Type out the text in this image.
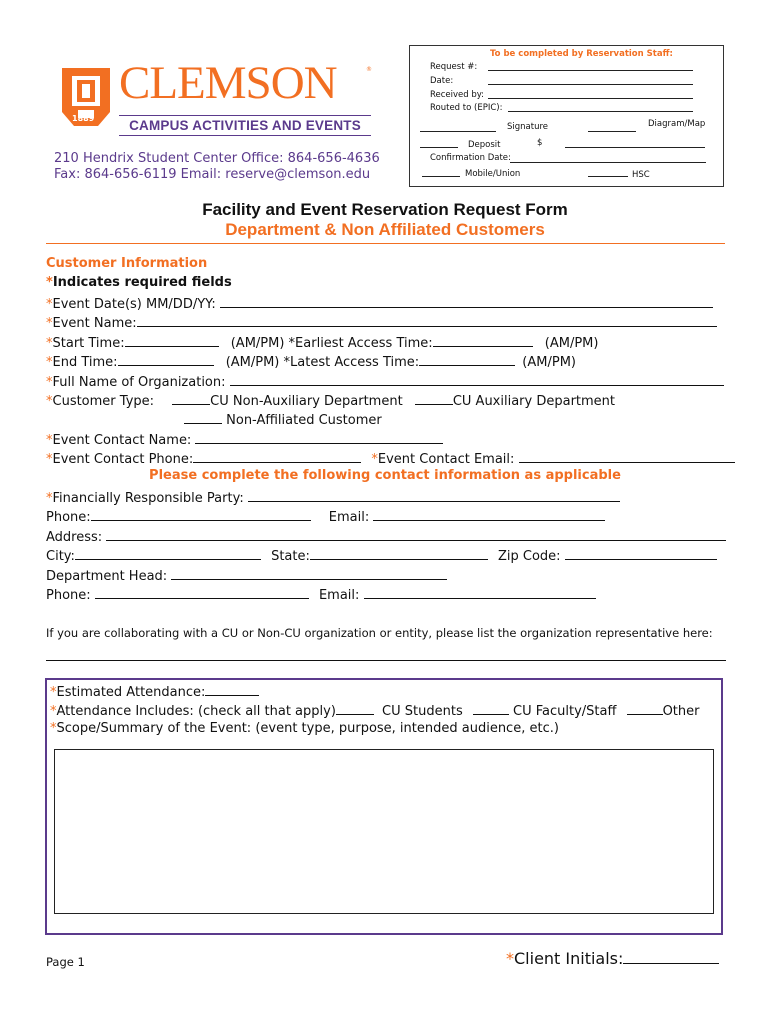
To be completed by Reservation Staff:
Request #:
Date:
Received by:
Routed to (EPIC):
Signature	Diagram/Map
Deposit	$
Confirmation Date:
Mobile/Union	HSC
1889
CLEMSON	®
CAMPUS ACTIVITIES AND EVENTS
210 Hendrix Student Center Office: 864-656-4636
Fax: 864-656-6119 Email: reserve@clemson.edu
Facility and Event Reservation Request Form
Department & Non Affiliated Customers
Customer Information
*Indicates required fields
*Event Date(s) MM/DD/YY:
*Event Name:
*Start Time:	(AM/PM) *Earliest Access Time:	(AM/PM)
*End Time:	(AM/PM) *Latest Access Time:	(AM/PM)
*Full Name of Organization:
*Customer Type:	CU Non-Auxiliary Department	CU Auxiliary Department
Non-Affiliated Customer
*Event Contact Name:
*Event Contact Phone:	*Event Contact Email:
Please complete the following contact information as applicable
*Financially Responsible Party:
Phone:	Email:
Address:
City:	State:	Zip Code:
Department Head:
Phone:	Email:
If you are collaborating with a CU or Non-CU organization or entity, please list the organization representative here:
*Estimated Attendance:
*Attendance Includes: (check all that apply)	CU Students	CU Faculty/Staff	Other
*Scope/Summary of the Event: (event type, purpose, intended audience, etc.)
Page 1	*Client Initials:
